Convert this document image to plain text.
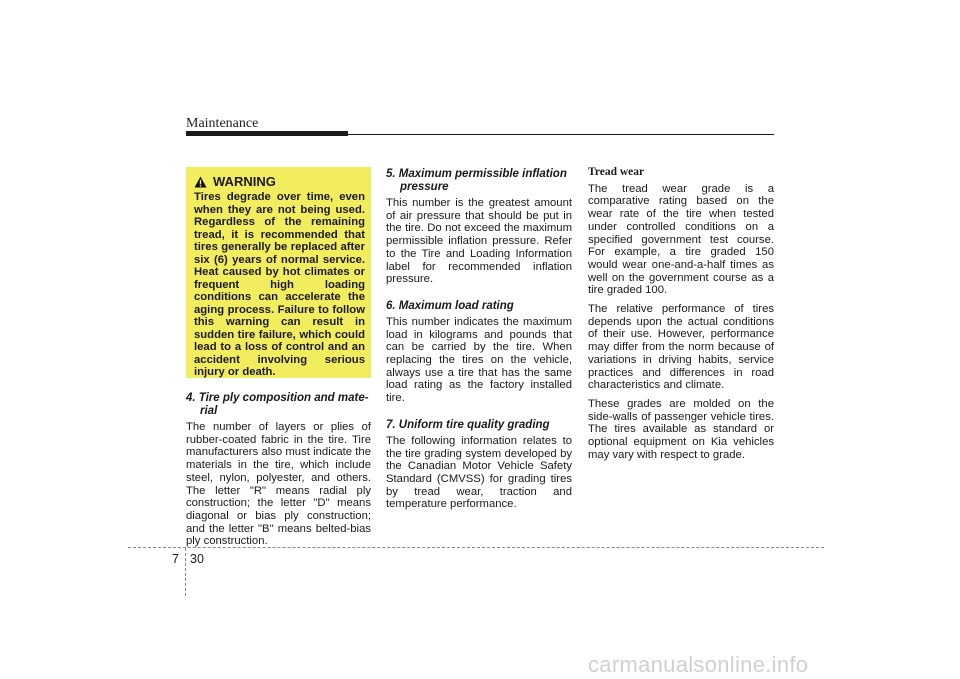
Maintenance
WARNING

Tires degrade over time, even when they are not being used. Regardless of the remaining tread, it is recommended that tires generally be replaced after six (6) years of normal service. Heat caused by hot climates or frequent high loading conditions can accelerate the aging process. Failure to follow this warning can result in sudden tire failure, which could lead to a loss of control and an accident involving serious injury or death.

4. Tire ply composition and mate-
rial

The number of layers or plies of rubber-coated fabric in the tire. Tire manufacturers also must indicate the materials in the tire, which include steel, nylon, polyester, and others. The letter "R" means radial ply construction; the letter "D" means diagonal or bias ply construction; and the letter "B" means belted-bias ply construction.

5. Maximum permissible inflation
pressure

This number is the greatest amount of air pressure that should be put in the tire. Do not exceed the maximum permissible inflation pressure. Refer to the Tire and Loading Information label for recommended inflation pressure.

6. Maximum load rating

This number indicates the maximum load in kilograms and pounds that can be carried by the tire. When replacing the tires on the vehicle, always use a tire that has the same load rating as the factory installed tire.

7. Uniform tire quality grading

The following information relates to the tire grading system developed by the Canadian Motor Vehicle Safety Standard (CMVSS) for grading tires by tread wear, traction and temperature performance.

Tread wear

The tread wear grade is a comparative rating based on the wear rate of the tire when tested under controlled conditions on a specified government test course. For example, a tire graded 150 would wear one-and-a-half times as well on the government course as a tire graded 100.

The relative performance of tires depends upon the actual conditions of their use. However, performance may differ from the norm because of variations in driving habits, service practices and differences in road characteristics and climate.

These grades are molded on the side-walls of passenger vehicle tires. The tires available as standard or optional equipment on Kia vehicles may vary with respect to grade.

7 30
carmanualsonline.info
